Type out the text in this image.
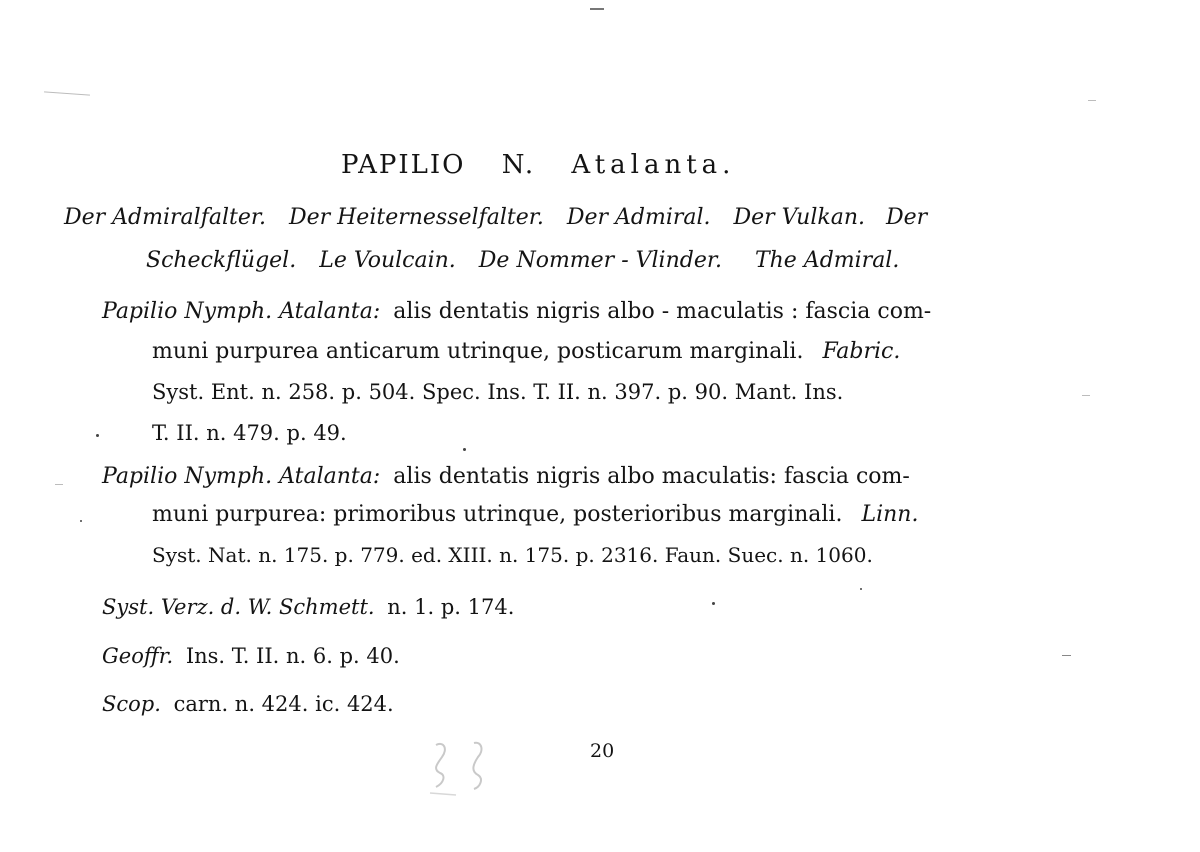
PAPILIO N. Atalanta.
Der Admiralfalter. Der Heiternesselfalter. Der Admiral. Der Vulkan. Der
Scheckflügel. Le Voulcain. De Nommer - Vlinder. The Admiral.
Papilio Nymph. Atalanta: alis dentatis nigris albo - maculatis : fascia com-
muni purpurea anticarum utrinque, posticarum marginali. Fabric.
Syst. Ent. n. 258. p. 504. Spec. Ins. T. II. n. 397. p. 90. Mant. Ins.
T. II. n. 479. p. 49.
Papilio Nymph. Atalanta: alis dentatis nigris albo maculatis: fascia com-
muni purpurea: primoribus utrinque, posterioribus marginali. Linn.
Syst. Nat. n. 175. p. 779. ed. XIII. n. 175. p. 2316. Faun. Suec. n. 1060.
Syst. Verz. d. W. Schmett. n. 1. p. 174.
Geoffr. Ins. T. II. n. 6. p. 40.
Scop. carn. n. 424. ic. 424.
20
